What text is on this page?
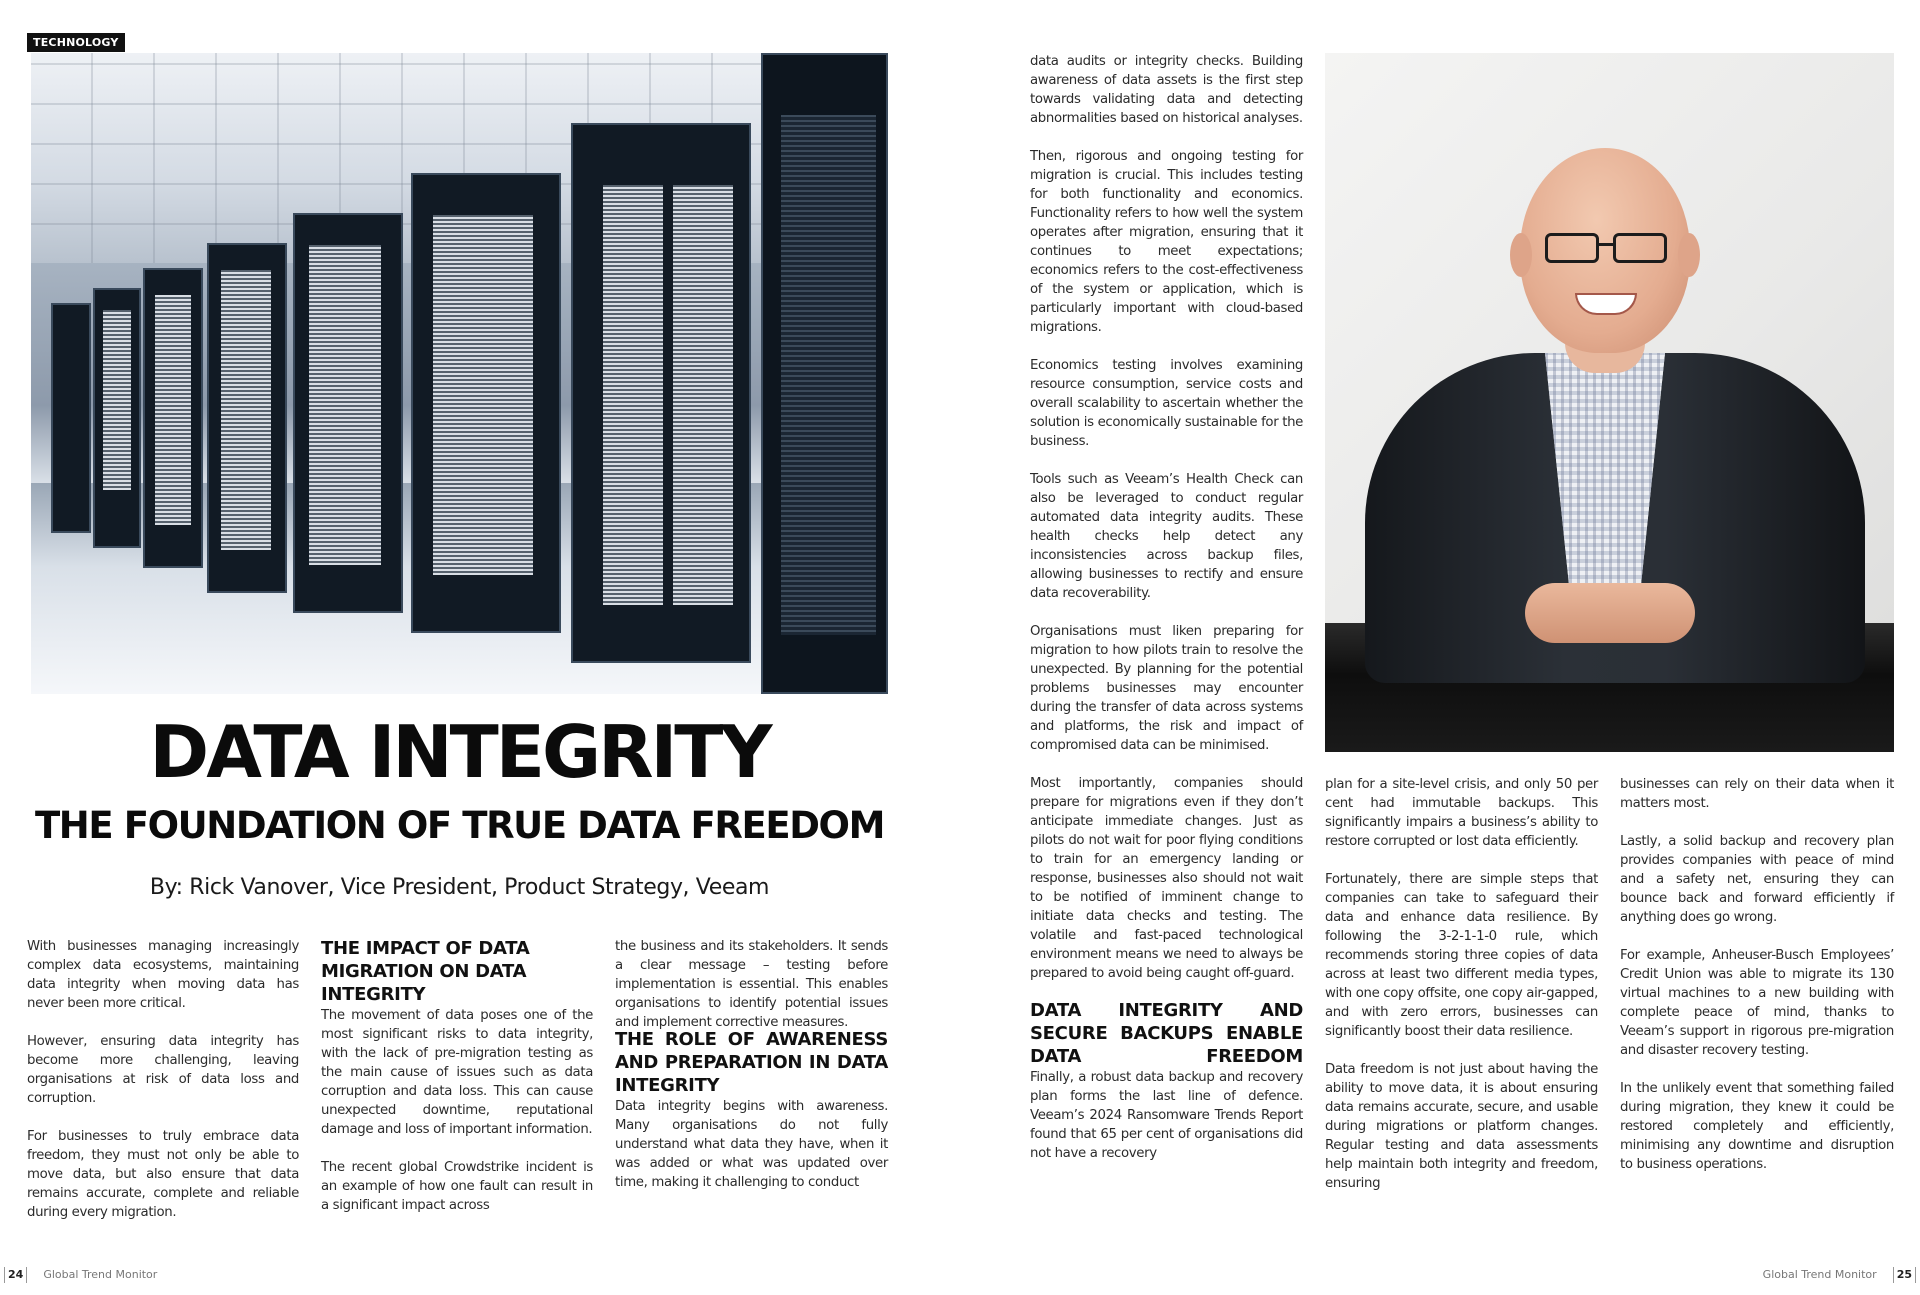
TECHNOLOGY
DATA INTEGRITY
THE FOUNDATION OF TRUE DATA FREEDOM
By: Rick Vanover, Vice President, Product Strategy, Veeam

With businesses managing increasingly complex data ecosystems, maintaining data integrity when moving data has never been more critical.

However, ensuring data integrity has become more challenging, leaving organisations at risk of data loss and corruption.

For businesses to truly embrace data freedom, they must not only be able to move data, but also ensure that data remains accurate, complete and reliable during every migration.

THE IMPACT OF DATA MIGRATION ON DATA INTEGRITY

The movement of data poses one of the most significant risks to data integrity, with the lack of pre-migration testing as the main cause of issues such as data corruption and data loss. This can cause unexpected downtime, reputational damage and loss of important information.

The recent global Crowdstrike incident is an example of how one fault can result in a significant impact across

the business and its stakeholders. It sends a clear message – testing before implementation is essential. This enables organisations to identify potential issues and implement corrective measures.

THE ROLE OF AWARENESS AND PREPARATION IN DATA INTEGRITY

Data integrity begins with awareness. Many organisations do not fully understand what data they have, when it was added or what was updated over time, making it challenging to conduct

24	Global Trend Monitor

data audits or integrity checks. Building awareness of data assets is the first step towards validating data and detecting abnormalities based on historical analyses.

Then, rigorous and ongoing testing for migration is crucial. This includes testing for both functionality and economics. Functionality refers to how well the system operates after migration, ensuring that it continues to meet expectations; economics refers to the cost-effectiveness of the system or application, which is particularly important with cloud-based migrations.

Economics testing involves examining resource consumption, service costs and overall scalability to ascertain whether the solution is economically sustainable for the business.

Tools such as Veeam’s Health Check can also be leveraged to conduct regular automated data integrity audits. These health checks help detect any inconsistencies across backup files, allowing businesses to rectify and ensure data recoverability.

Organisations must liken preparing for migration to how pilots train to resolve the unexpected. By planning for the potential problems businesses may encounter during the transfer of data across systems and platforms, the risk and impact of compromised data can be minimised.

Most importantly, companies should prepare for migrations even if they don’t anticipate immediate changes. Just as pilots do not wait for poor flying conditions to train for an emergency landing or response, businesses also should not wait to be notified of imminent change to initiate data checks and testing. The volatile and fast-paced technological environment means we need to always be prepared to avoid being caught off-guard.

DATA INTEGRITY AND SECURE BACKUPS ENABLE DATA FREEDOM

Finally, a robust data backup and recovery plan forms the last line of defence. Veeam’s 2024 Ransomware Trends Report found that 65 per cent of organisations did not have a recovery

plan for a site-level crisis, and only 50 per cent had immutable backups. This significantly impairs a business’s ability to restore corrupted or lost data efficiently.

Fortunately, there are simple steps that companies can take to safeguard their data and enhance data resilience. By following the 3-2-1-1-0 rule, which recommends storing three copies of data across at least two different media types, with one copy offsite, one copy air-gapped, and with zero errors, businesses can significantly boost their data resilience.

Data freedom is not just about having the ability to move data, it is about ensuring data remains accurate, secure, and usable during migrations or platform changes. Regular testing and data assessments help maintain both integrity and freedom, ensuring

businesses can rely on their data when it matters most.

Lastly, a solid backup and recovery plan provides companies with peace of mind and a safety net, ensuring they can bounce back and forward efficiently if anything does go wrong.

For example, Anheuser-Busch Employees’ Credit Union was able to migrate its 130 virtual machines to a new building with complete peace of mind, thanks to Veeam’s support in rigorous pre-migration and disaster recovery testing.

In the unlikely event that something failed during migration, they knew it could be restored completely and efficiently, minimising any downtime and disruption to business operations.

Global Trend Monitor	25
